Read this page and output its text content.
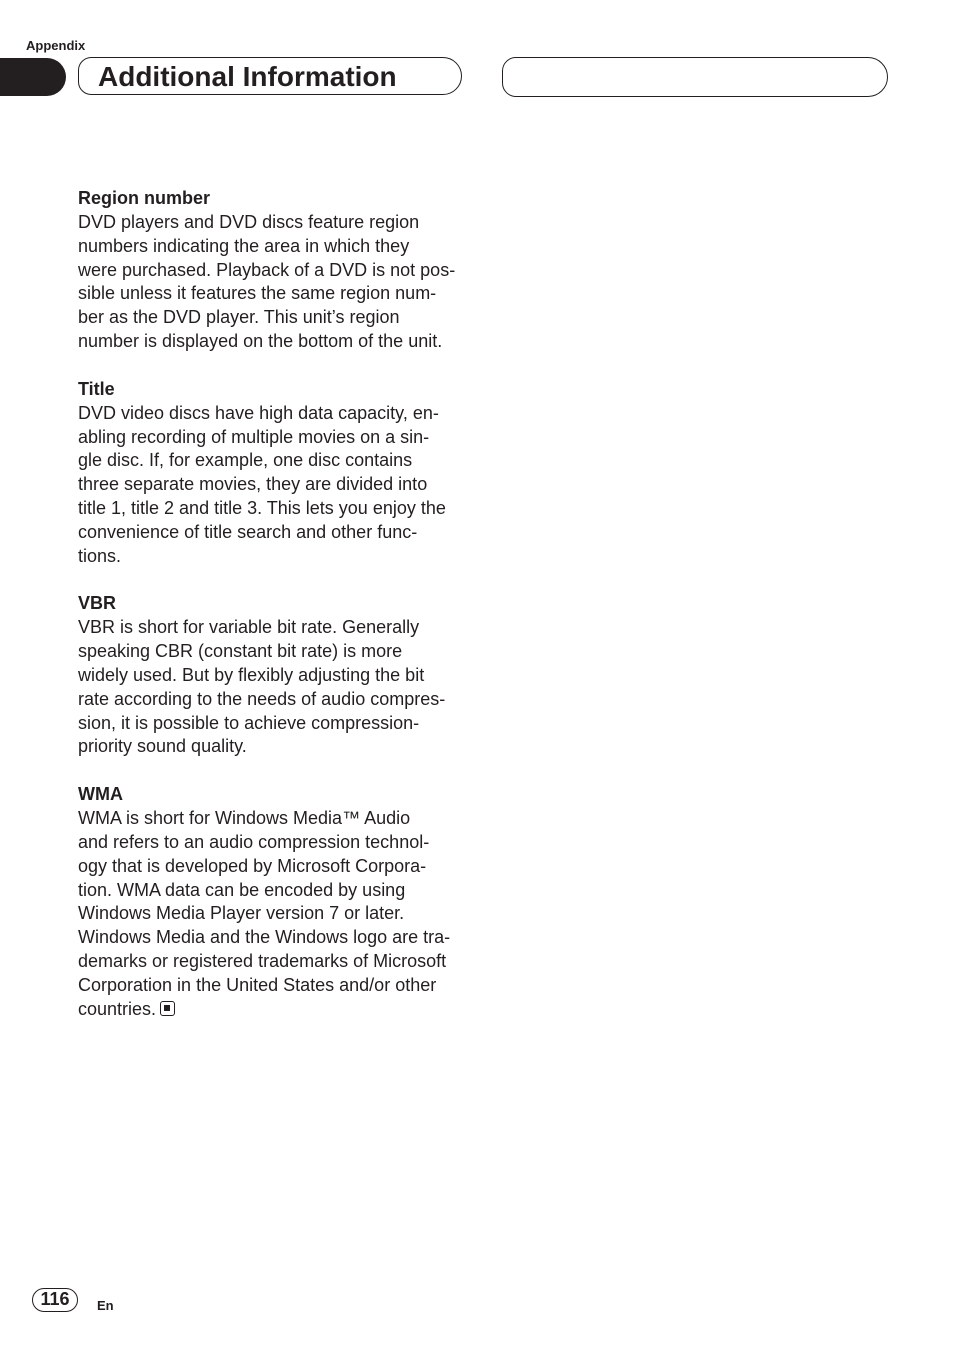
Appendix
Additional Information
Region number
DVD players and DVD discs feature region
numbers indicating the area in which they
were purchased. Playback of a DVD is not pos-
sible unless it features the same region num-
ber as the DVD player. This unit’s region
number is displayed on the bottom of the unit.
Title
DVD video discs have high data capacity, en-
abling recording of multiple movies on a sin-
gle disc. If, for example, one disc contains
three separate movies, they are divided into
title 1, title 2 and title 3. This lets you enjoy the
convenience of title search and other func-
tions.
VBR
VBR is short for variable bit rate. Generally
speaking CBR (constant bit rate) is more
widely used. But by flexibly adjusting the bit
rate according to the needs of audio compres-
sion, it is possible to achieve compression-
priority sound quality.
WMA
WMA is short for Windows Media™ Audio
and refers to an audio compression technol-
ogy that is developed by Microsoft Corpora-
tion. WMA data can be encoded by using
Windows Media Player version 7 or later.
Windows Media and the Windows logo are tra-
demarks or registered trademarks of Microsoft
Corporation in the United States and/or other
countries.
116	En
